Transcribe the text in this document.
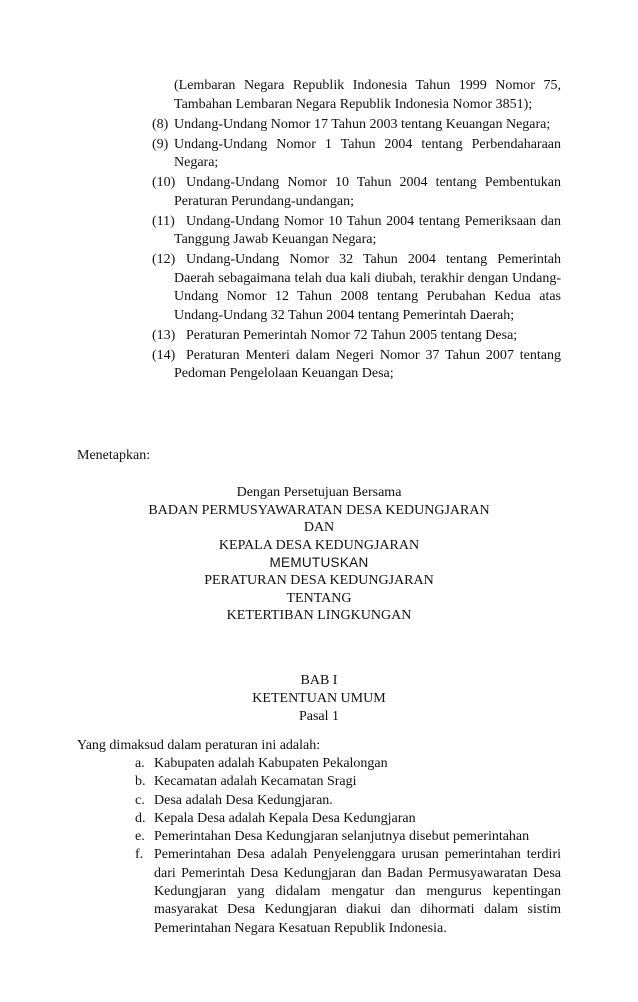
(Lembaran Negara Republik Indonesia Tahun 1999 Nomor 75, Tambahan Lembaran Negara Republik Indonesia Nomor 3851);
(8) Undang-Undang Nomor 17 Tahun 2003 tentang Keuangan Negara;
(9) Undang-Undang Nomor 1 Tahun 2004 tentang Perbendaharaan Negara;
(10) Undang-Undang Nomor 10 Tahun 2004 tentang Pembentukan Peraturan Perundang-undangan;
(11) Undang-Undang Nomor 10 Tahun 2004 tentang Pemeriksaan dan Tanggung Jawab Keuangan Negara;
(12) Undang-Undang Nomor 32 Tahun 2004 tentang Pemerintah Daerah sebagaimana telah dua kali diubah, terakhir dengan Undang-Undang Nomor 12 Tahun 2008 tentang Perubahan Kedua atas Undang-Undang 32 Tahun 2004 tentang Pemerintah Daerah;
(13) Peraturan Pemerintah Nomor 72 Tahun 2005 tentang Desa;
(14) Peraturan Menteri dalam Negeri Nomor 37 Tahun 2007 tentang Pedoman Pengelolaan Keuangan Desa;
Menetapkan:
Dengan Persetujuan Bersama
BADAN PERMUSYAWARATAN DESA KEDUNGJARAN
DAN
KEPALA DESA KEDUNGJARAN
MEMUTUSKAN
PERATURAN DESA KEDUNGJARAN
TENTANG
KETERTIBAN LINGKUNGAN
BAB I
KETENTUAN UMUM
Pasal 1
Yang dimaksud dalam peraturan ini adalah:
a. Kabupaten adalah Kabupaten Pekalongan
b. Kecamatan adalah Kecamatan Sragi
c. Desa adalah Desa Kedungjaran.
d. Kepala Desa adalah Kepala Desa Kedungjaran
e. Pemerintahan Desa Kedungjaran selanjutnya disebut pemerintahan
f. Pemerintahan Desa adalah Penyelenggara urusan pemerintahan terdiri dari Pemerintah Desa Kedungjaran dan Badan Permusyawaratan Desa Kedungjaran yang didalam mengatur dan mengurus kepentingan masyarakat Desa Kedungjaran diakui dan dihormati dalam sistim Pemerintahan Negara Kesatuan Republik Indonesia.
